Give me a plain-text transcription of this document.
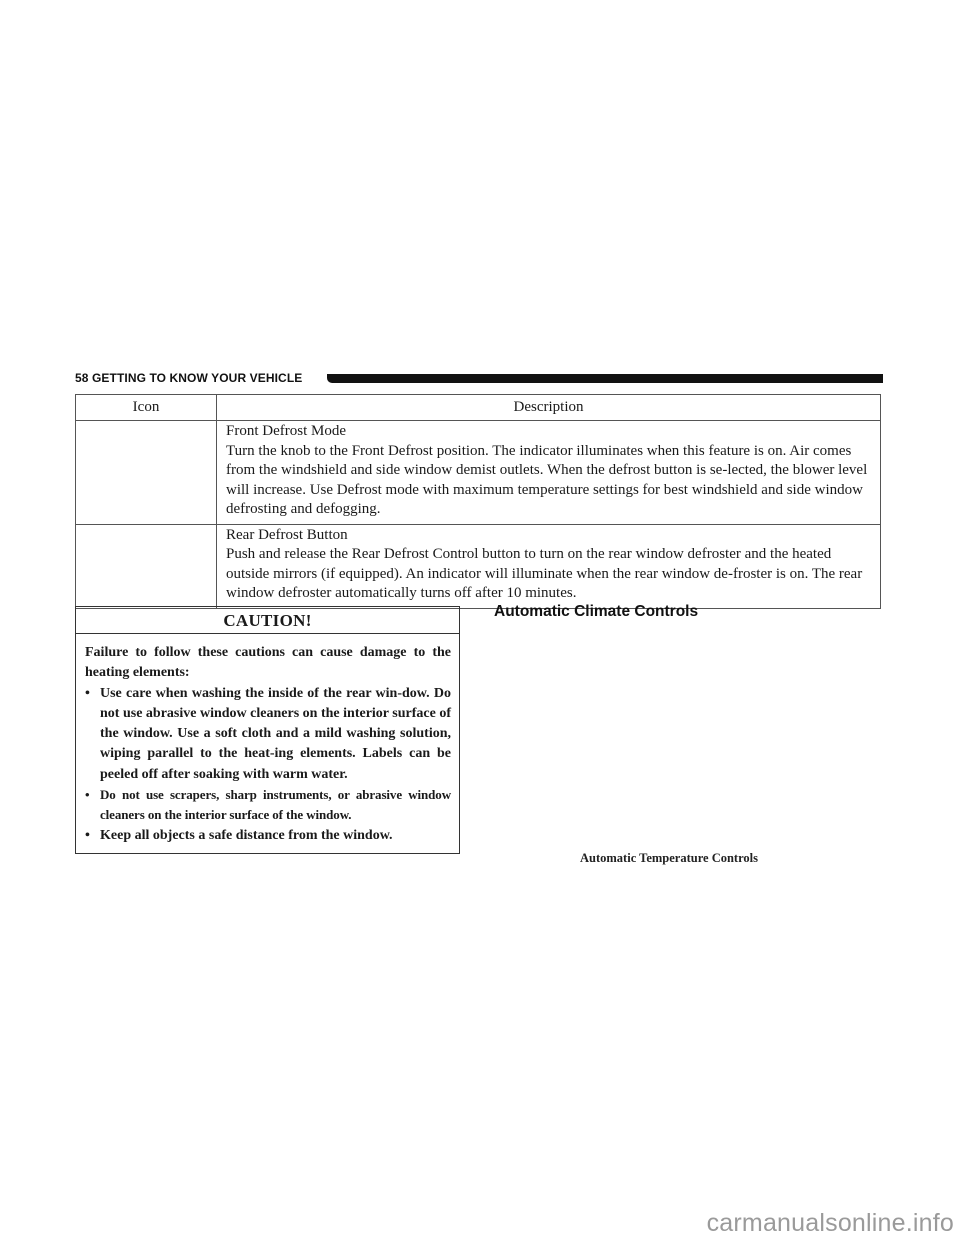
58 GETTING TO KNOW YOUR VEHICLE
Icon	Description

	Front Defrost Mode
Turn the knob to the Front Defrost position. The indicator illuminates when this feature is on. Air comes from the windshield and side window demist outlets. When the defrost button is se-lected, the blower level will increase. Use Defrost mode with maximum temperature settings for best windshield and side window defrosting and defogging.

	Rear Defrost Button
Push and release the Rear Defrost Control button to turn on the rear window defroster and the heated outside mirrors (if equipped). An indicator will illuminate when the rear window de-froster is on. The rear window defroster automatically turns off after 10 minutes.
CAUTION!

Failure to follow these cautions can cause damage to the heating elements:

• Use care when washing the inside of the rear win-dow. Do not use abrasive window cleaners on the interior surface of the window. Use a soft cloth and a mild washing solution, wiping parallel to the heat-ing elements. Labels can be peeled off after soaking with warm water.
• Do not use scrapers, sharp instruments, or abrasive window cleaners on the interior surface of the window.
• Keep all objects a safe distance from the window.
Automatic Climate Controls
Automatic Temperature Controls
carmanualsonline.info
